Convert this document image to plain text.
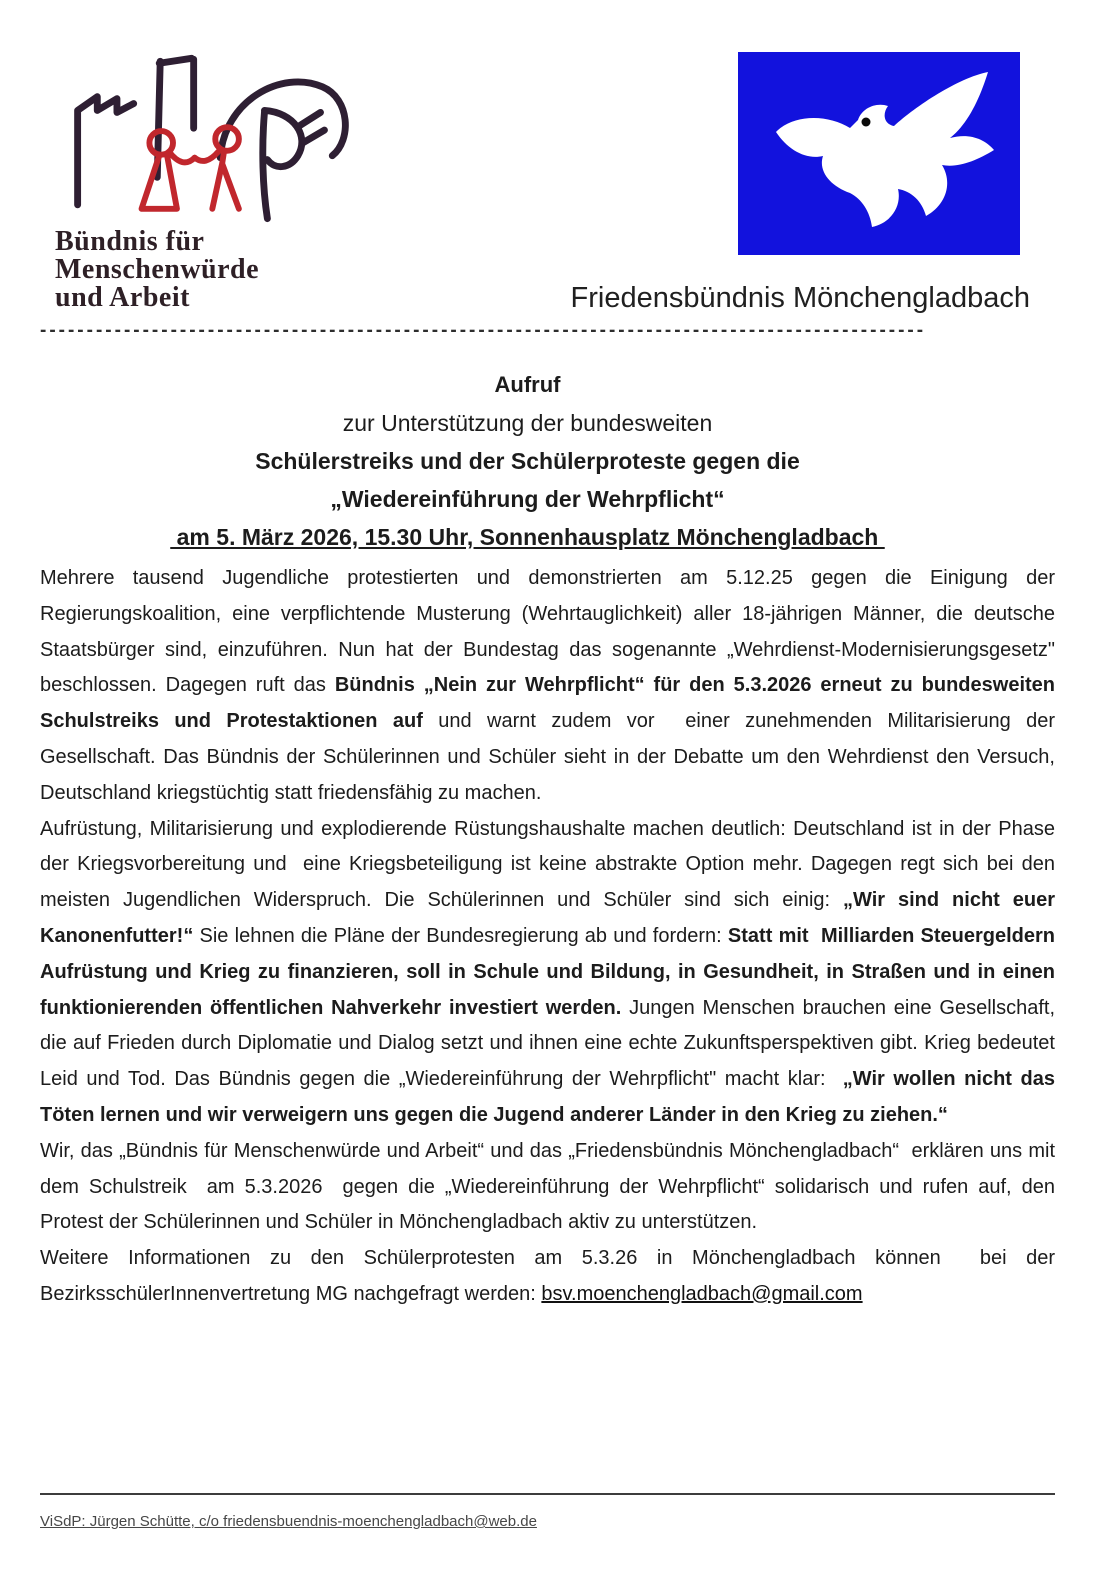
Bündnis für
Menschenwürde
und Arbeit	Friedensbündnis Mönchengladbach
-----------------------------------------------------------------------------------------------
Aufruf
zur Unterstützung der bundesweiten
Schülerstreiks und der Schülerproteste gegen die
„Wiedereinführung der Wehrpflicht“
am 5. März 2026, 15.30 Uhr, Sonnenhausplatz Mönchengladbach

Mehrere tausend Jugendliche protestierten und demonstrierten am 5.12.25 gegen die Einigung der Regierungskoalition, eine verpflichtende Musterung (Wehrtauglichkeit) aller 18-jährigen Männer, die deutsche Staatsbürger sind, einzuführen. Nun hat der Bundestag das sogenannte „Wehrdienst-Modernisierungsgesetz" beschlossen. Dagegen ruft das Bündnis „Nein zur Wehrpflicht“ für den 5.3.2026 erneut zu bundesweiten Schulstreiks und Protestaktionen auf und warnt zudem vor  einer zunehmenden Militarisierung der Gesellschaft. Das Bündnis der Schülerinnen und Schüler sieht in der Debatte um den Wehrdienst den Versuch, Deutschland kriegstüchtig statt friedensfähig zu machen.

Aufrüstung, Militarisierung und explodierende Rüstungshaushalte machen deutlich: Deutschland ist in der Phase der Kriegsvorbereitung und  eine Kriegsbeteiligung ist keine abstrakte Option mehr. Dagegen regt sich bei den meisten Jugendlichen Widerspruch. Die Schülerinnen und Schüler sind sich einig: „Wir sind nicht euer Kanonenfutter!“ Sie lehnen die Pläne der Bundesregierung ab und fordern: Statt mit  Milliarden Steuergeldern Aufrüstung und Krieg zu finanzieren, soll in Schule und Bildung, in Gesundheit, in Straßen und in einen funktionierenden öffentlichen Nahverkehr investiert werden. Jungen Menschen brauchen eine Gesellschaft, die auf Frieden durch Diplomatie und Dialog setzt und ihnen eine echte Zukunftsperspektiven gibt. Krieg bedeutet Leid und Tod. Das Bündnis gegen die „Wiedereinführung der Wehrpflicht" macht klar:  „Wir wollen nicht das Töten lernen und wir verweigern uns gegen die Jugend anderer Länder in den Krieg zu ziehen.“

Wir, das „Bündnis für Menschenwürde und Arbeit“ und das „Friedensbündnis Mönchengladbach“  erklären uns mit dem Schulstreik  am 5.3.2026  gegen die „Wiedereinführung der Wehrpflicht“ solidarisch und rufen auf, den Protest der Schülerinnen und Schüler in Mönchengladbach aktiv zu unterstützen.

Weitere Informationen zu den Schülerprotesten am 5.3.26 in Mönchengladbach können  bei der BezirksschülerInnenvertretung MG nachgefragt werden: bsv.moenchengladbach@gmail.com

ViSdP: Jürgen Schütte, c/o friedensbuendnis-moenchengladbach@web.de
